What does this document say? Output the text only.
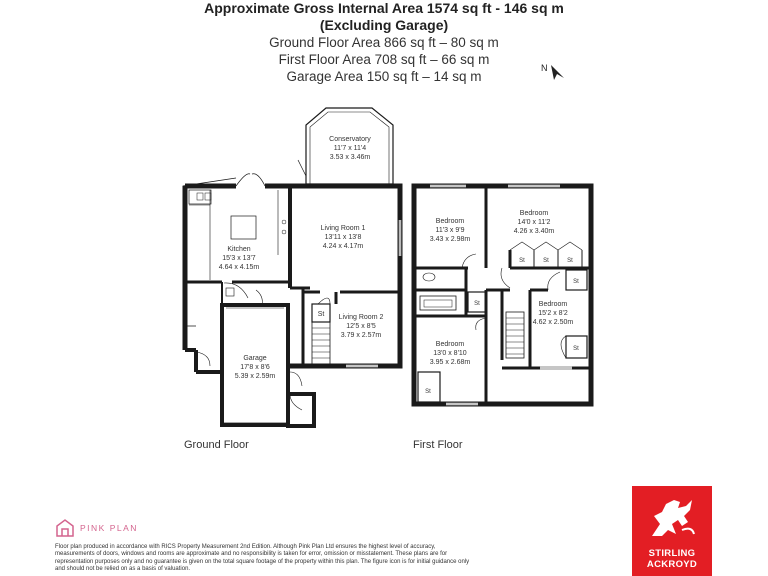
Approximate Gross Internal Area 1574 sq ft - 146 sq m
(Excluding Garage)
Ground Floor Area 866 sq ft – 80 sq m
First Floor Area 708 sq ft – 66 sq m
Garage Area 150 sq ft – 14 sq m
N
Conservatory
11'7 x 11'4
3.53 x 3.46m
Kitchen
15'3 x 13'7
4.64 x 4.15m
Living Room 1
13'11 x 13'8
4.24 x 4.17m
Living Room 2
12'5 x 8'5
3.79 x 2.57m
Garage
17'8 x 8'6
5.39 x 2.59m
St
Bedroom
11'3 x 9'9
3.43 x 2.98m
Bedroom
14'0 x 11'2
4.26 x 3.40m
Bedroom
15'2 x 8'2
4.62 x 2.50m
Bedroom
13'0 x 8'10
3.95 x 2.68m
St	St	St
St
St
St
St
Ground Floor	First Floor
PINK PLAN
Floor plan produced in accordance with RICS Property Measurement 2nd Edition. Although Pink Plan Ltd ensures the highest level of accuracy, measurements of doors, windows and rooms are approximate and no responsibility is taken for error, omission or misstatement. These plans are for representation purposes only and no guarantee is given on the total square footage of the property within this plan. The figure icon is for initial guidance only and should not be relied on as a basis of valuation.
STIRLING
ACKROYD
